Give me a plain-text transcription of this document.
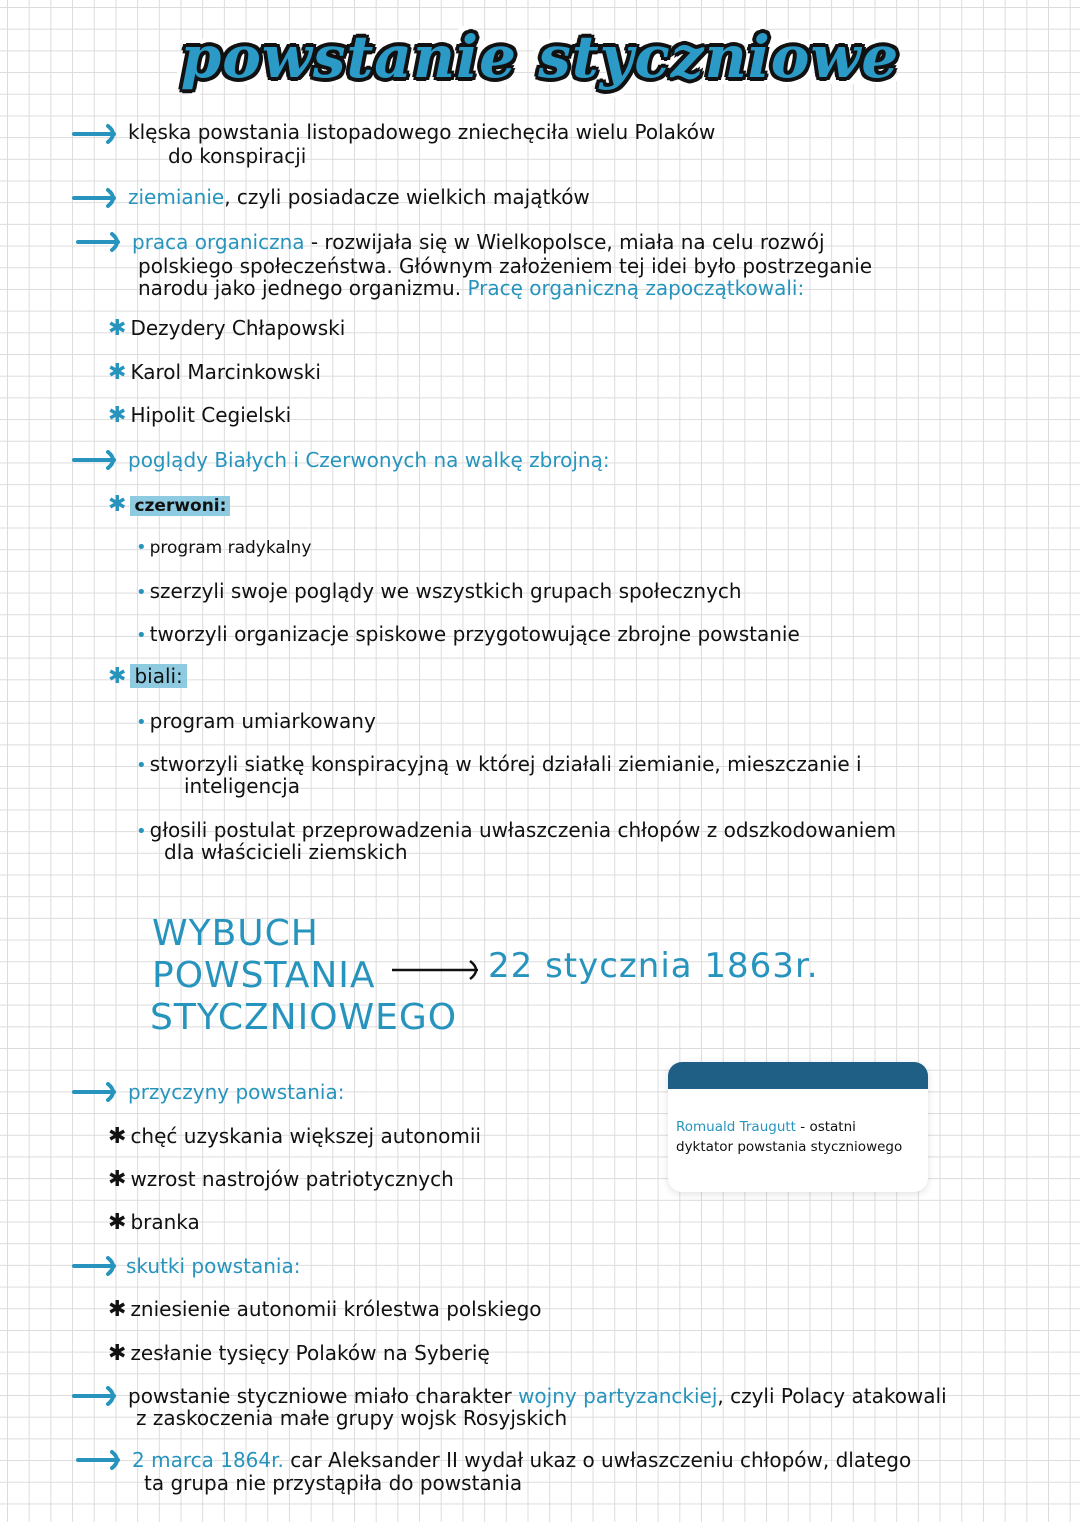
powstanie styczniowe
klęska powstania listopadowego zniechęciła wielu Polaków
do konspiracji
ziemianie, czyli posiadacze wielkich majątków
praca organiczna - rozwijała się w Wielkopolsce, miała na celu rozwój
polskiego społeczeństwa. Głównym założeniem tej idei było postrzeganie
narodu jako jednego organizmu. Pracę organiczną zapoczątkowali:
✱ Dezydery Chłapowski
✱ Karol Marcinkowski
✱ Hipolit Cegielski
poglądy Białych i Czerwonych na walkę zbrojną:
✱ czerwoni:
• program radykalny
• szerzyli swoje poglądy we wszystkich grupach społecznych
• tworzyli organizacje spiskowe przygotowujące zbrojne powstanie
✱ biali:
• program umiarkowany
• stworzyli siatkę konspiracyjną w której działali ziemianie, mieszczanie i
inteligencja
• głosili postulat przeprowadzenia uwłaszczenia chłopów z odszkodowaniem
dla właścicieli ziemskich
WYBUCH
POWSTANIA
STYCZNIOWEGO
22 stycznia 1863r.
przyczyny powstania:
✱ chęć uzyskania większej autonomii
✱ wzrost nastrojów patriotycznych
✱ branka
Romuald Traugutt - ostatni
dyktator powstania styczniowego
skutki powstania:
✱ zniesienie autonomii królestwa polskiego
✱ zesłanie tysięcy Polaków na Syberię
powstanie styczniowe miało charakter wojny partyzanckiej, czyli Polacy atakowali
z zaskoczenia małe grupy wojsk Rosyjskich
2 marca 1864r. car Aleksander II wydał ukaz o uwłaszczeniu chłopów, dlatego
ta grupa nie przystąpiła do powstania
